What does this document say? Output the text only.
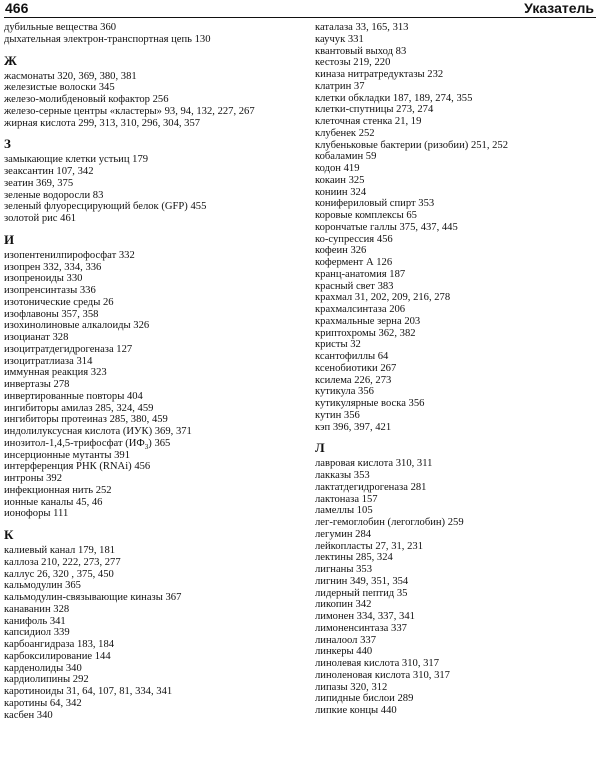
466	Указатель
дубильные вещества 360
дыхательная электрон-транспортная цепь 130
Ж
жасмонаты 320, 369, 380, 381
железистые волоски 345
железо-молибденовый кофактор 256
железо-серные центры «кластеры» 93, 94, 132, 227, 267
жирная кислота 299, 313, 310, 296, 304, 357
З
замыкающие клетки устьиц 179
зеаксантин 107, 342
зеатин 369, 375
зеленые водоросли 83
зеленый флуоресцирующий белок (GFP) 455
золотой рис 461
И
изопентенилпирофосфат 332
изопрен 332, 334, 336
изопреноиды 330
изопренсинтазы 336
изотонические среды 26
изофлавоны 357, 358
изохинолиновые алкалоиды 326
изоцианат 328
изоцитратдегидрогеназа 127
изоцитратлиаза 314
иммунная реакция 323
инвертазы 278
инвертированные повторы 404
ингибиторы амилаз 285, 324, 459
ингибиторы протеиназ 285, 380, 459
индолилуксусная кислота (ИУК) 369, 371
инозитол-1,4,5-трифосфат $(ИФ_3)$ 365
инсерционные мутанты 391
интерференция РНК (RNAi) 456
интроны 392
инфекционная нить 252
ионные каналы 45, 46
ионофоры 111
К
калиевый канал 179, 181
каллоза 210, 222, 273, 277
каллус 26, 320 , 375, 450
кальмодулин 365
кальмодулин-связывающие киназы 367
канаванин 328
канифоль 341
капсидиол 339
карбоангидраза 183, 184
карбоксилирование 144
карденолиды 340
кардиолипины 292
каротиноиды 31, 64, 107, 81, 334, 341
каротины 64, 342
касбен 340
каталаза 33, 165, 313
каучук 331
квантовый выход 83
кестозы 219, 220
киназа нитратредуктазы 232
клатрин 37
клетки обкладки 187, 189, 274, 355
клетки-спутницы 273, 274
клеточная стенка 21, 19
клубенек 252
клубеньковые бактерии (ризобии) 251, 252
кобаламин 59
кодон 419
кокаин 325
кониин 324
конифериловый спирт 353
коровые комплексы 65
корончатые галлы 375, 437, 445
ко-супрессия 456
кофеин 326
кофермент А 126
кранц-анатомия 187
красный свет 383
крахмал 31, 202, 209, 216, 278
крахмалсинтаза 206
крахмальные зерна 203
криптохромы 362, 382
кристы 32
ксантофиллы 64
ксенобиотики 267
ксилема 226, 273
кутикула 356
кутикулярные воска 356
кутин 356
кэп 396, 397, 421
Л
лавровая кислота 310, 311
лакказы 353
лактатдегидрогеназа 281
лактоназа 157
ламеллы 105
лег-гемоглобин (легоглобин) 259
легумин 284
лейкопласты 27, 31, 231
лектины 285, 324
лигнаны 353
лигнин 349, 351, 354
лидерный пептид 35
ликопин 342
лимонен 334, 337, 341
лимоненсинтаза 337
линалоол 337
линкеры 440
линолевая кислота 310, 317
линоленовая кислота 310, 317
липазы 320, 312
липидные бислои 289
липкие концы 440
